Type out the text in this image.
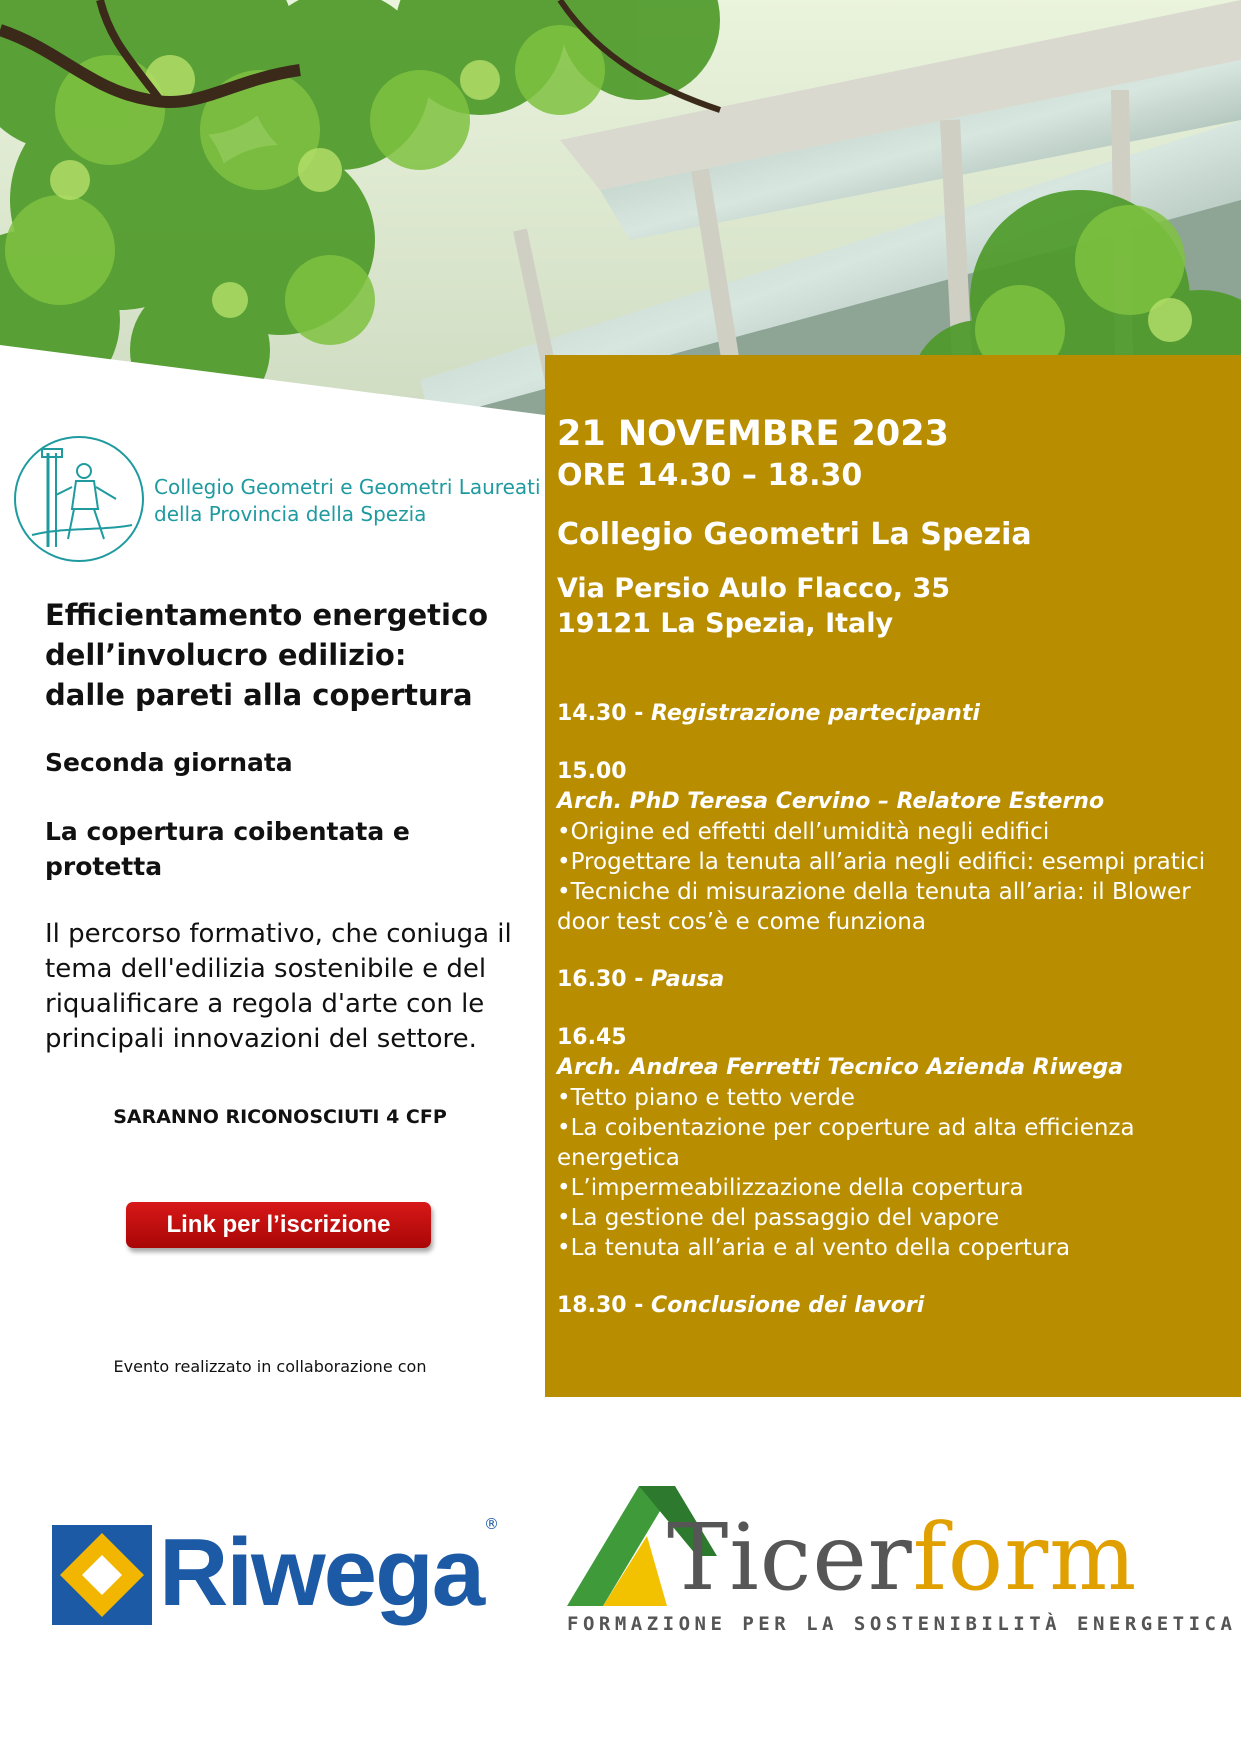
Collegio Geometri e Geometri Laureati
della Provincia della Spezia
Efficientamento energetico
dell’involucro edilizio:
dalle pareti alla copertura

Seconda giornata

La copertura coibentata e protetta

Il percorso formativo, che coniuga il tema dell'edilizia sostenibile e del riqualificare a regola d'arte con le principali innovazioni del settore.

SARANNO RICONOSCIUTI 4 CFP
Link per l’iscrizione
Evento realizzato in collaborazione con

21 NOVEMBRE 2023

ORE 14.30 – 18.30

Collegio Geometri La Spezia

Via Persio Aulo Flacco, 35
19121 La Spezia, Italy

14.30 - Registrazione partecipanti
15.00
Arch. PhD Teresa Cervino – Relatore Esterno
• Origine ed effetti dell’umidità negli edifici
• Progettare la tenuta all’aria negli edifici: esempi pratici
• Tecniche di misurazione della tenuta all’aria: il Blower door test cos’è e come funziona
16.30 - Pausa
16.45
Arch. Andrea Ferretti Tecnico Azienda Riwega
• Tetto piano e tetto verde
• La coibentazione per coperture ad alta efficienza energetica
• L’impermeabilizzazione della copertura
• La gestione del passaggio del vapore
• La tenuta all’aria e al vento della copertura
18.30 - Conclusione dei lavori
Riwega ® Ticerform
FORMAZIONE PER LA SOSTENIBILITÀ ENERGETICA
